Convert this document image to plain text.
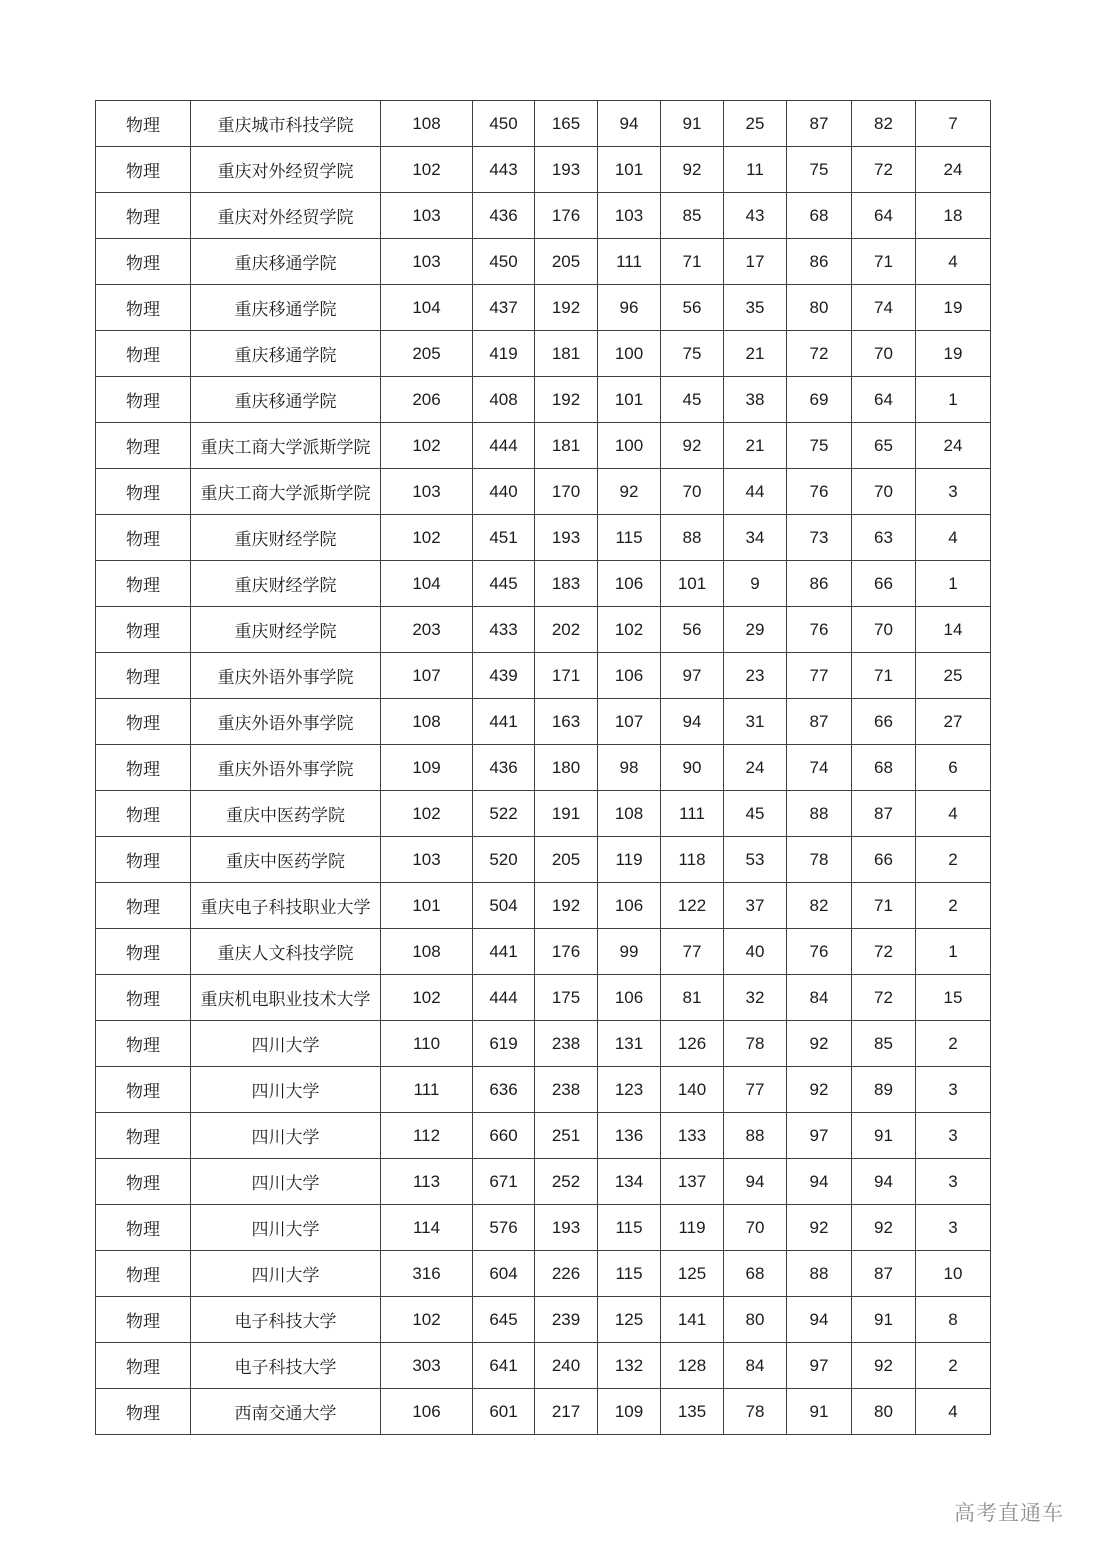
物理	重庆城市科技学院	108	450	165	94	91	25	87	82	7
物理	重庆对外经贸学院	102	443	193	101	92	11	75	72	24
物理	重庆对外经贸学院	103	436	176	103	85	43	68	64	18
物理	重庆移通学院	103	450	205	111	71	17	86	71	4
物理	重庆移通学院	104	437	192	96	56	35	80	74	19
物理	重庆移通学院	205	419	181	100	75	21	72	70	19
物理	重庆移通学院	206	408	192	101	45	38	69	64	1
物理	重庆工商大学派斯学院	102	444	181	100	92	21	75	65	24
物理	重庆工商大学派斯学院	103	440	170	92	70	44	76	70	3
物理	重庆财经学院	102	451	193	115	88	34	73	63	4
物理	重庆财经学院	104	445	183	106	101	9	86	66	1
物理	重庆财经学院	203	433	202	102	56	29	76	70	14
物理	重庆外语外事学院	107	439	171	106	97	23	77	71	25
物理	重庆外语外事学院	108	441	163	107	94	31	87	66	27
物理	重庆外语外事学院	109	436	180	98	90	24	74	68	6
物理	重庆中医药学院	102	522	191	108	111	45	88	87	4
物理	重庆中医药学院	103	520	205	119	118	53	78	66	2
物理	重庆电子科技职业大学	101	504	192	106	122	37	82	71	2
物理	重庆人文科技学院	108	441	176	99	77	40	76	72	1
物理	重庆机电职业技术大学	102	444	175	106	81	32	84	72	15
物理	四川大学	110	619	238	131	126	78	92	85	2
物理	四川大学	111	636	238	123	140	77	92	89	3
物理	四川大学	112	660	251	136	133	88	97	91	3
物理	四川大学	113	671	252	134	137	94	94	94	3
物理	四川大学	114	576	193	115	119	70	92	92	3
物理	四川大学	316	604	226	115	125	68	88	87	10
物理	电子科技大学	102	645	239	125	141	80	94	91	8
物理	电子科技大学	303	641	240	132	128	84	97	92	2
物理	西南交通大学	106	601	217	109	135	78	91	80	4
高考直通车
